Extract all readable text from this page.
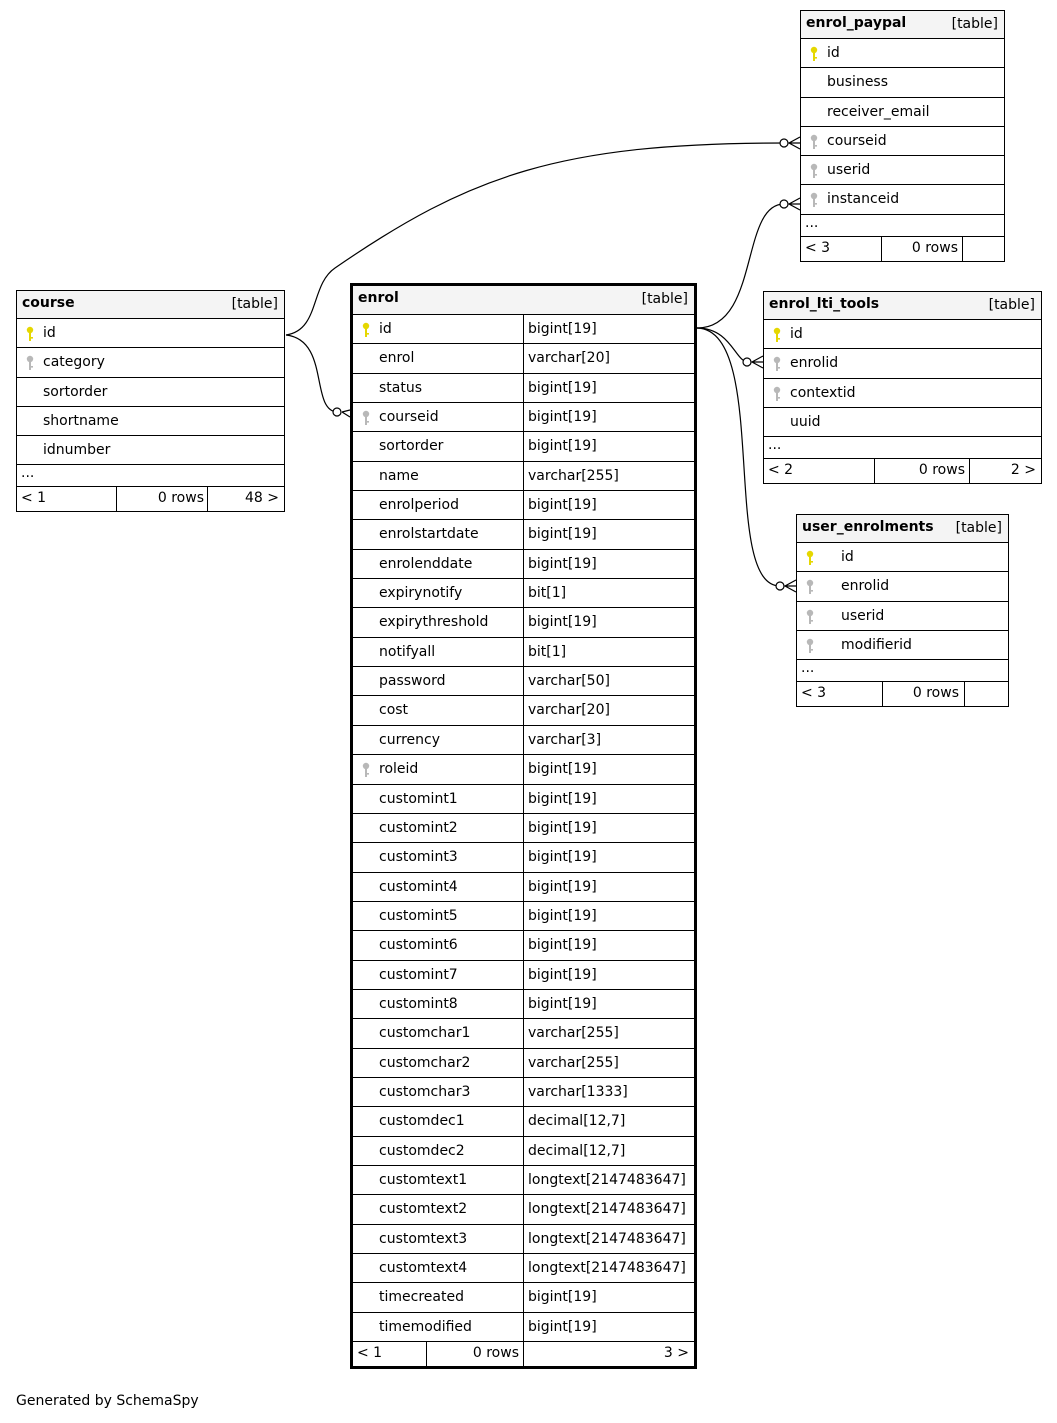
course	[table]
id
category
sortorder
shortname
idnumber
...
< 1	0 rows	48 >
enrol	[table]
id	bigint[19]
enrol	varchar[20]
status	bigint[19]
courseid	bigint[19]
sortorder	bigint[19]
name	varchar[255]
enrolperiod	bigint[19]
enrolstartdate	bigint[19]
enrolenddate	bigint[19]
expirynotify	bit[1]
expirythreshold	bigint[19]
notifyall	bit[1]
password	varchar[50]
cost	varchar[20]
currency	varchar[3]
roleid	bigint[19]
customint1	bigint[19]
customint2	bigint[19]
customint3	bigint[19]
customint4	bigint[19]
customint5	bigint[19]
customint6	bigint[19]
customint7	bigint[19]
customint8	bigint[19]
customchar1	varchar[255]
customchar2	varchar[255]
customchar3	varchar[1333]
customdec1	decimal[12,7]
customdec2	decimal[12,7]
customtext1	longtext[2147483647]
customtext2	longtext[2147483647]
customtext3	longtext[2147483647]
customtext4	longtext[2147483647]
timecreated	bigint[19]
timemodified	bigint[19]
< 1	0 rows	3 >
enrol_paypal	[table]
id
business
receiver_email
courseid
userid
instanceid
...
< 3	0 rows
enrol_lti_tools	[table]
id
enrolid
contextid
uuid
...
< 2	0 rows	2 >
user_enrolments [table]
id
enrolid
userid
modifierid
...
< 3	0 rows
Generated by SchemaSpy
